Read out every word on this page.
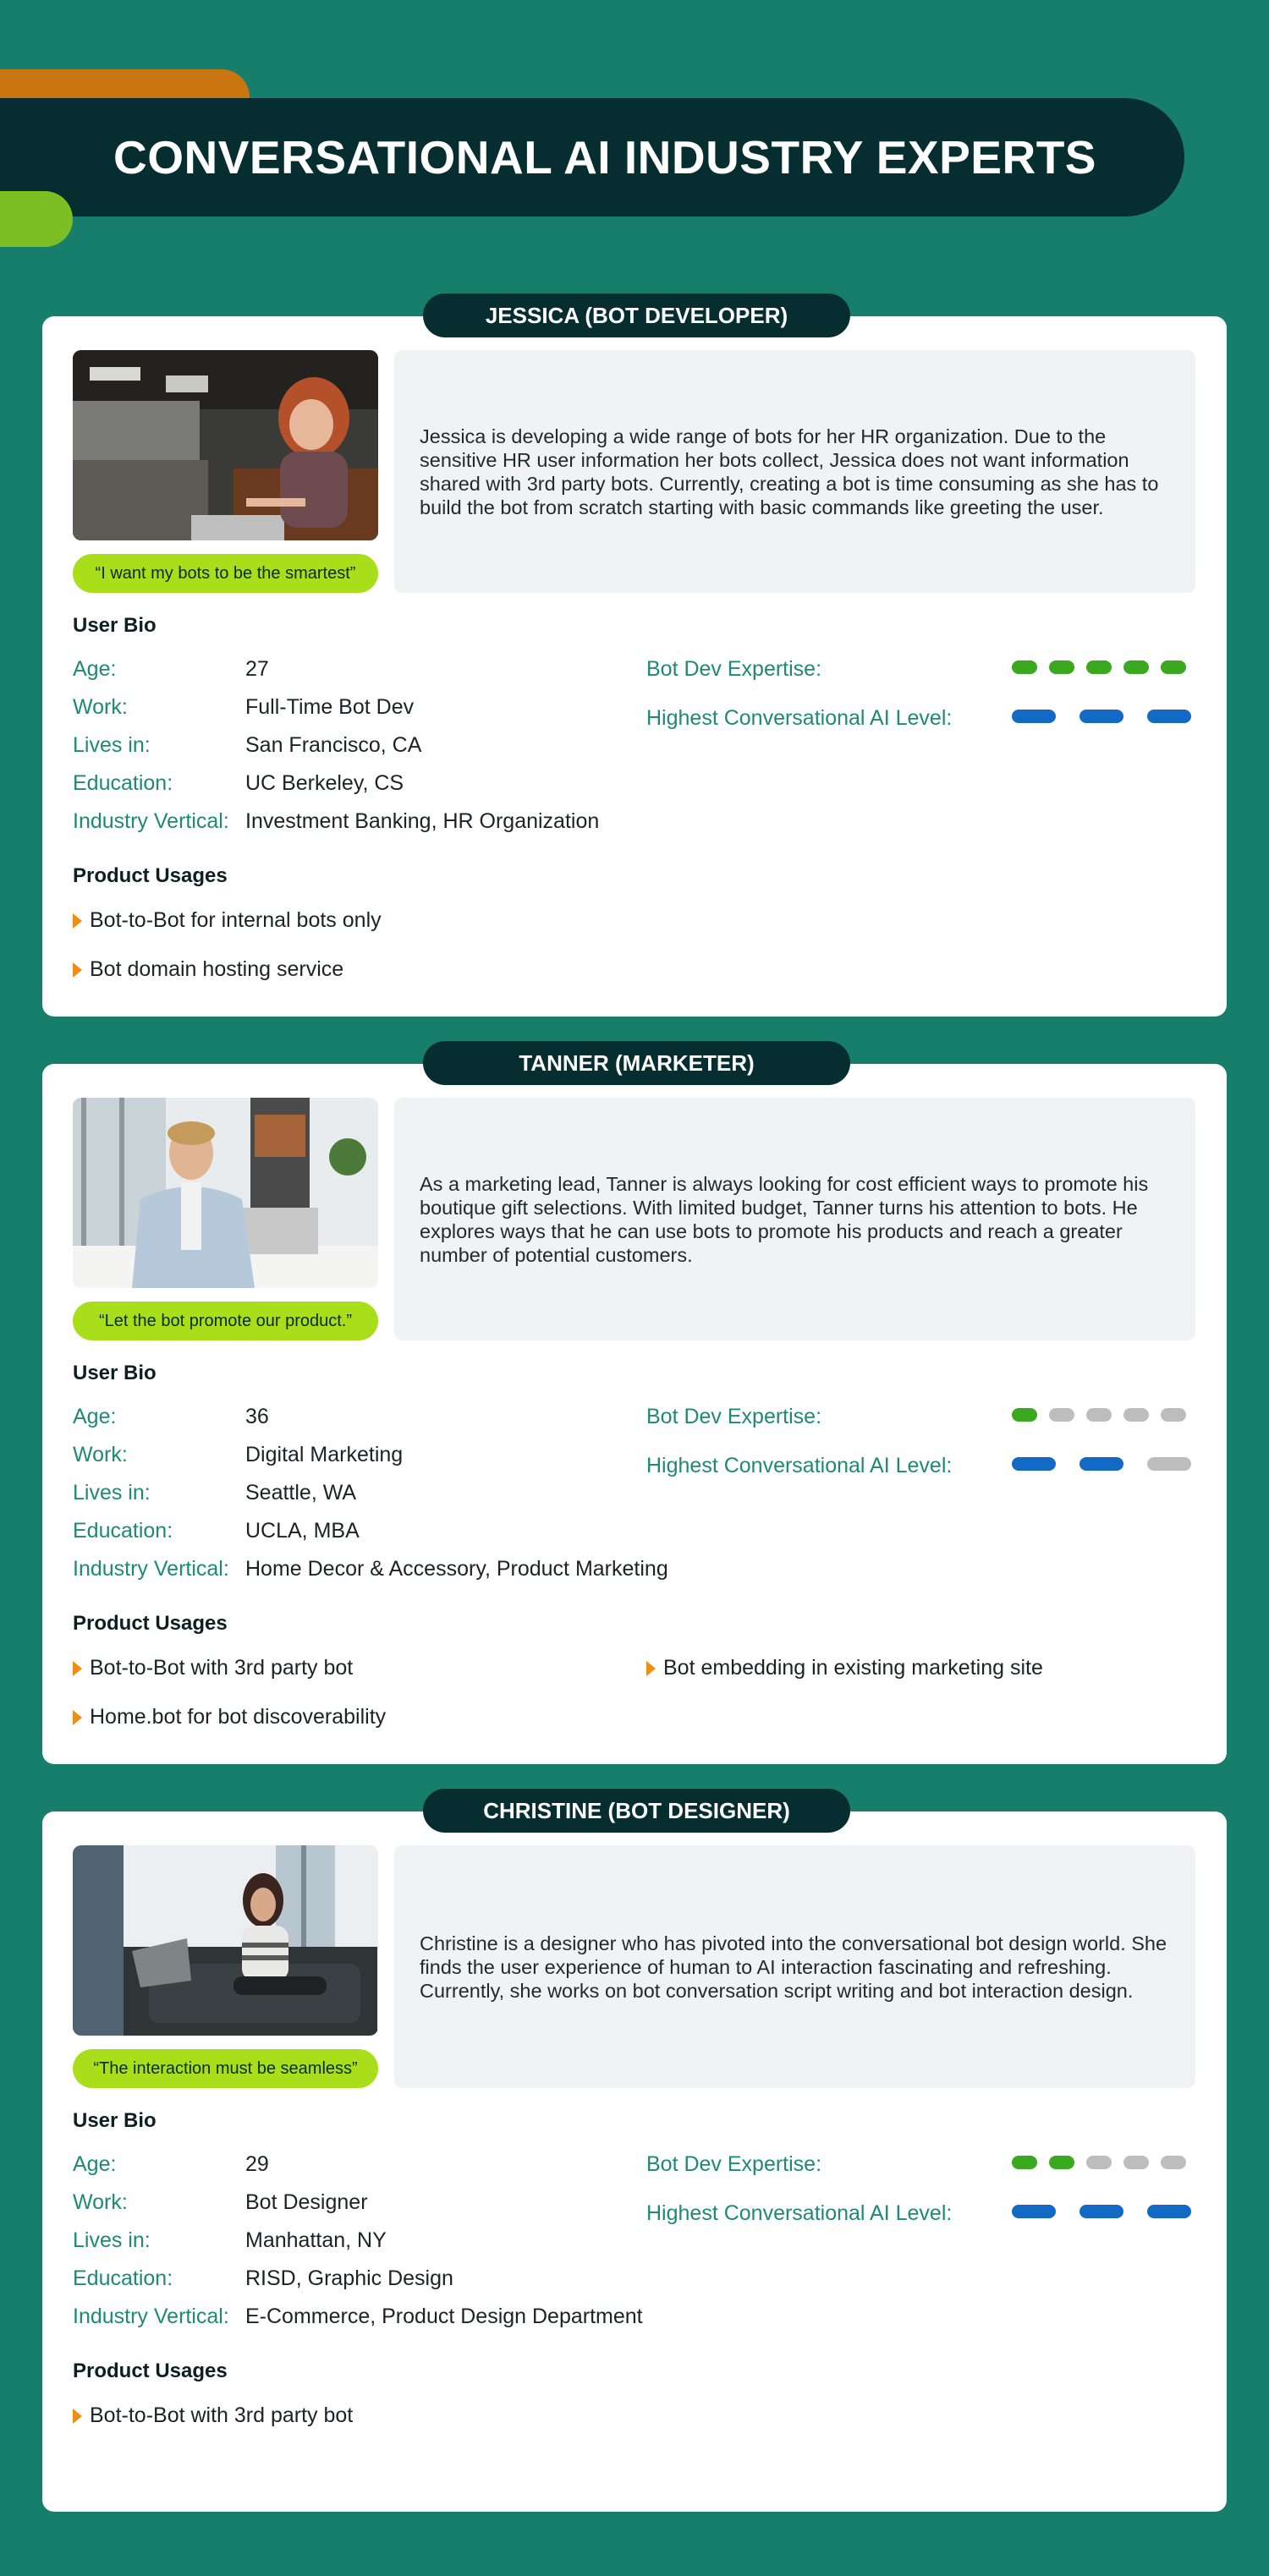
CONVERSATIONAL AI INDUSTRY EXPERTS
JESSICA (BOT DEVELOPER)
“I want my bots to be the smartest”

Jessica is developing a wide range of bots for her HR organization. Due to the sensitive HR user information her bots collect, Jessica does not want information shared with 3rd party bots. Currently, creating a bot is time consuming as she has to build the bot from scratch starting with basic commands like greeting the user.

User Bio
Age:	27
Work:	Full-Time Bot Dev
Lives in:	San Francisco, CA
Education:	UC Berkeley, CS
Industry Vertical: Investment Banking, HR Organization
Bot Dev Expertise:
Highest Conversational AI Level:
Product Usages
Bot-to-Bot for internal bots only
Bot domain hosting service
TANNER (MARKETER)
“Let the bot promote our product.”

As a marketing lead, Tanner is always looking for cost efficient ways to promote his boutique gift selections. With limited budget, Tanner turns his attention to bots. He explores ways that he can use bots to promote his products and reach a greater number of potential customers.

User Bio
Age:	36
Work:	Digital Marketing
Lives in:	Seattle, WA
Education:	UCLA, MBA
Industry Vertical: Home Decor & Accessory, Product Marketing
Bot Dev Expertise:
Highest Conversational AI Level:
Product Usages
Bot-to-Bot with 3rd party bot	Bot embedding in existing marketing site
Home.bot for bot discoverability
CHRISTINE (BOT DESIGNER)
“The interaction must be seamless”

Christine is a designer who has pivoted into the conversational bot design world. She finds the user experience of human to AI interaction fascinating and refreshing. Currently, she works on bot conversation script writing and bot interaction design.

User Bio
Age:	29
Work:	Bot Designer
Lives in:	Manhattan, NY
Education:	RISD, Graphic Design
Industry Vertical: E-Commerce, Product Design Department
Bot Dev Expertise:
Highest Conversational AI Level:
Product Usages
Bot-to-Bot with 3rd party bot
